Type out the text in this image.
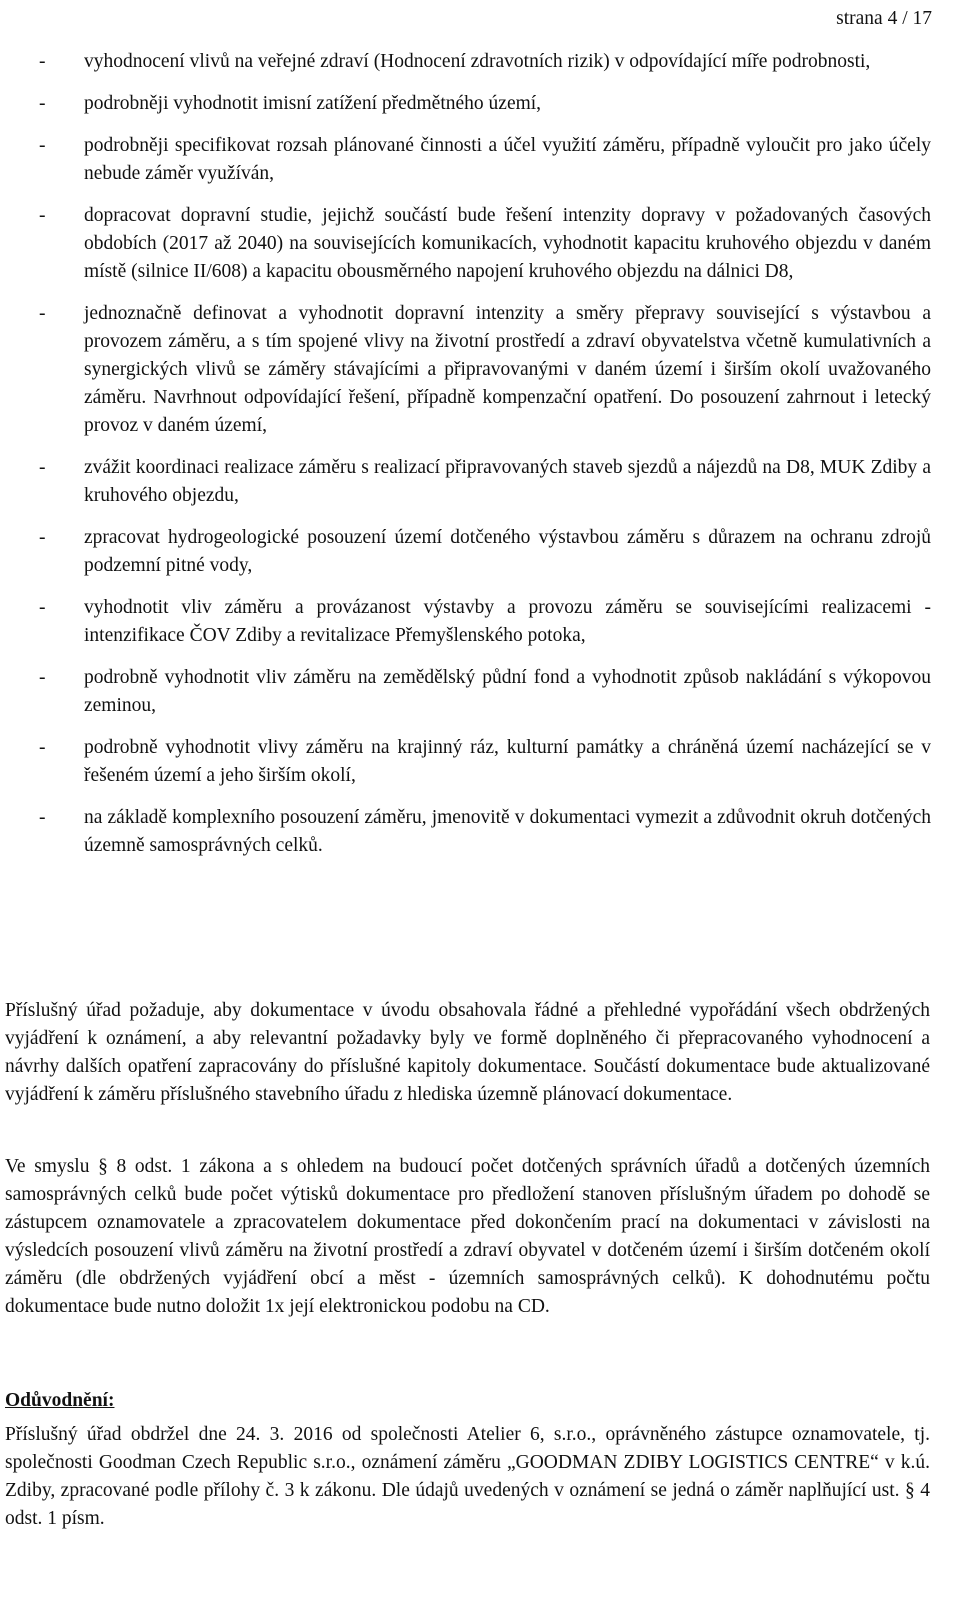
strana 4 / 17
- vyhodnocení vlivů na veřejné zdraví (Hodnocení zdravotních rizik) v odpovídající míře podrobnosti,
- podrobněji vyhodnotit imisní zatížení předmětného území,
- podrobněji specifikovat rozsah plánované činnosti a účel využití záměru, případně vyloučit pro jako účely nebude záměr využíván,
- dopracovat dopravní studie, jejichž součástí bude řešení intenzity dopravy v požadovaných časových obdobích (2017 až 2040) na souvisejících komunikacích, vyhodnotit kapacitu kruhového objezdu v daném místě (silnice II/608) a kapacitu obousměrného napojení kruhového objezdu na dálnici D8,
- jednoznačně definovat a vyhodnotit dopravní intenzity a směry přepravy související s výstavbou a provozem záměru, a s tím spojené vlivy na životní prostředí a zdraví obyvatelstva včetně kumulativních a synergických vlivů se záměry stávajícími a připravovanými v daném území i širším okolí uvažovaného záměru. Navrhnout odpovídající řešení, případně kompenzační opatření. Do posouzení zahrnout i letecký provoz v daném území,
- zvážit koordinaci realizace záměru s realizací připravovaných staveb sjezdů a nájezdů na D8, MUK Zdiby a kruhového objezdu,
- zpracovat hydrogeologické posouzení území dotčeného výstavbou záměru s důrazem na ochranu zdrojů podzemní pitné vody,
- vyhodnotit vliv záměru a provázanost výstavby a provozu záměru se souvisejícími realizacemi - intenzifikace ČOV Zdiby a revitalizace Přemyšlenského potoka,
- podrobně vyhodnotit vliv záměru na zemědělský půdní fond a vyhodnotit způsob nakládání s výkopovou zeminou,
- podrobně vyhodnotit vlivy záměru na krajinný ráz, kulturní památky a chráněná území nacházející se v řešeném území a jeho širším okolí,
- na základě komplexního posouzení záměru, jmenovitě v dokumentaci vymezit a zdůvodnit okruh dotčených územně samosprávných celků.

Příslušný úřad požaduje, aby dokumentace v úvodu obsahovala řádné a přehledné vypořádání všech obdržených vyjádření k oznámení, a aby relevantní požadavky byly ve formě doplněného či přepracovaného vyhodnocení a návrhy dalších opatření zapracovány do příslušné kapitoly dokumentace. Součástí dokumentace bude aktualizované vyjádření k záměru příslušného stavebního úřadu z hlediska územně plánovací dokumentace.

Ve smyslu § 8 odst. 1 zákona a s ohledem na budoucí počet dotčených správních úřadů a dotčených územních samosprávných celků bude počet výtisků dokumentace pro předložení stanoven příslušným úřadem po dohodě se zástupcem oznamovatele a zpracovatelem dokumentace před dokončením prací na dokumentaci v závislosti na výsledcích posouzení vlivů záměru na životní prostředí a zdraví obyvatel v dotčeném území i širším dotčeném okolí záměru (dle obdržených vyjádření obcí a měst - územních samosprávných celků). K dohodnutému počtu dokumentace bude nutno doložit 1x její elektronickou podobu na CD.

Odůvodnění:

Příslušný úřad obdržel dne 24. 3. 2016 od společnosti Atelier 6, s.r.o., oprávněného zástupce oznamovatele, tj. společnosti Goodman Czech Republic s.r.o., oznámení záměru „GOODMAN ZDIBY LOGISTICS CENTRE“ v k.ú. Zdiby, zpracované podle přílohy č. 3 k zákonu. Dle údajů uvedených v oznámení se jedná o záměr naplňující ust. § 4 odst. 1 písm.
